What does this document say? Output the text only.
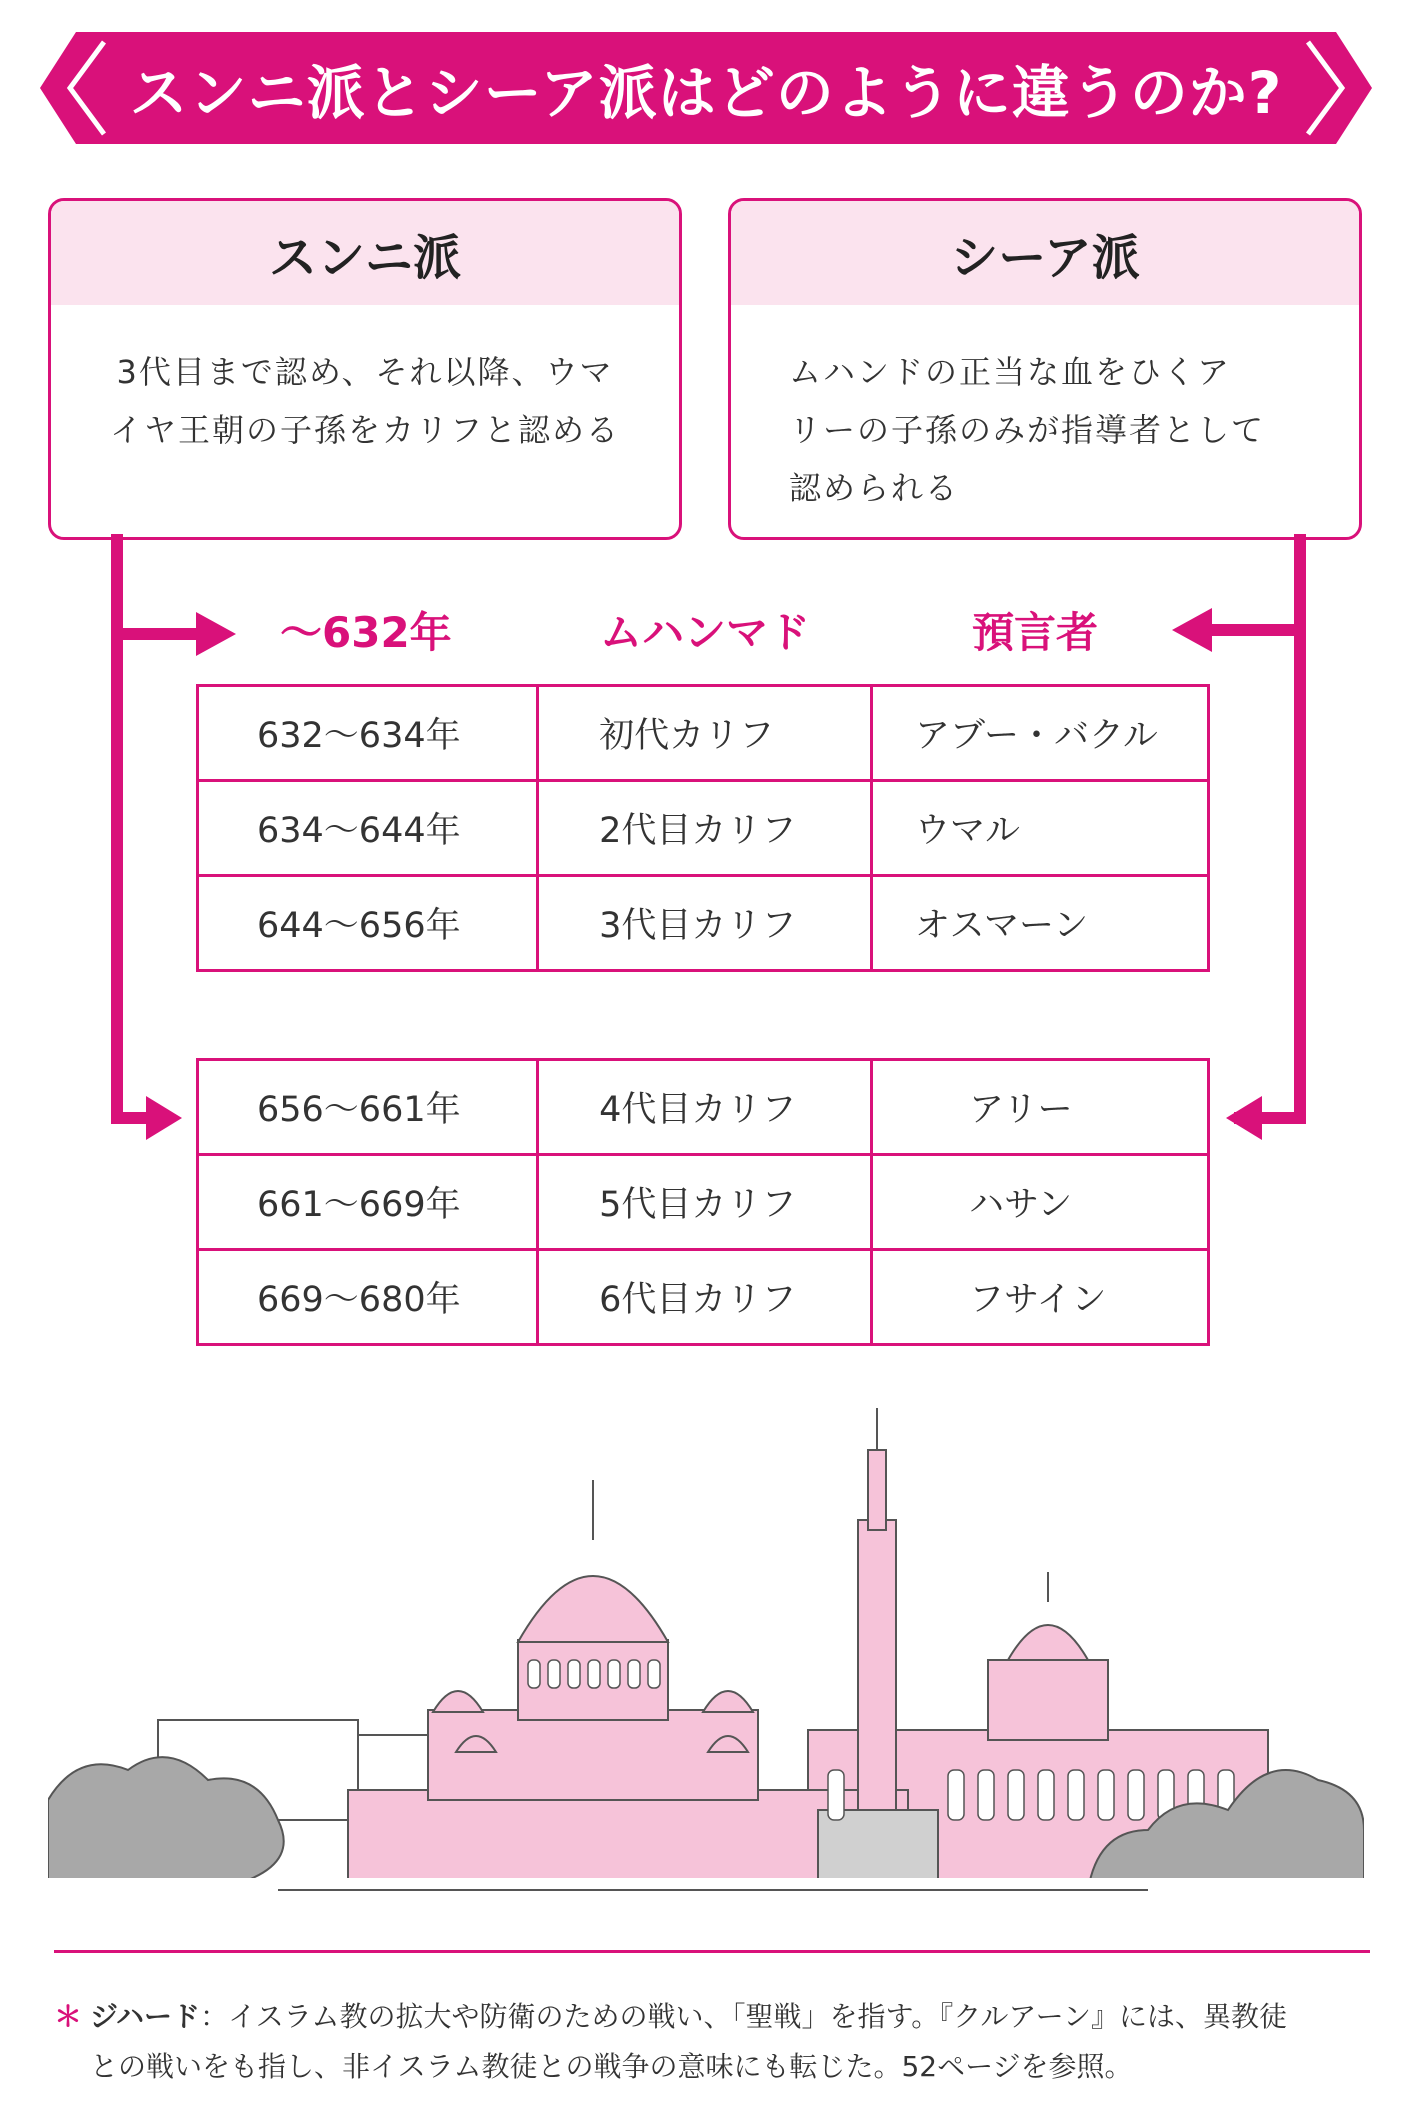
スンニ派とシーア派はどのように違うのか?
スンニ派
3代目まで認め、それ以降、ウマ
イヤ王朝の子孫をカリフと認める
シーア派
ムハンドの正当な血をひくア
リーの子孫のみが指導者として
認められる
〜632年	ムハンマド	預言者
632〜634年	初代カリフ	アブー・バクル
634〜644年	2代目カリフ	ウマル
644〜656年	3代目カリフ	オスマーン
656〜661年	4代目カリフ	アリー
661〜669年	5代目カリフ	ハサン
669〜680年	6代目カリフ	フサイン
＊ ジハード：イスラム教の拡大や防衛のための戦い、「聖戦」を指す。『クルアーン』には、異教徒
との戦いをも指し、非イスラム教徒との戦争の意味にも転じた。52ページを参照。
